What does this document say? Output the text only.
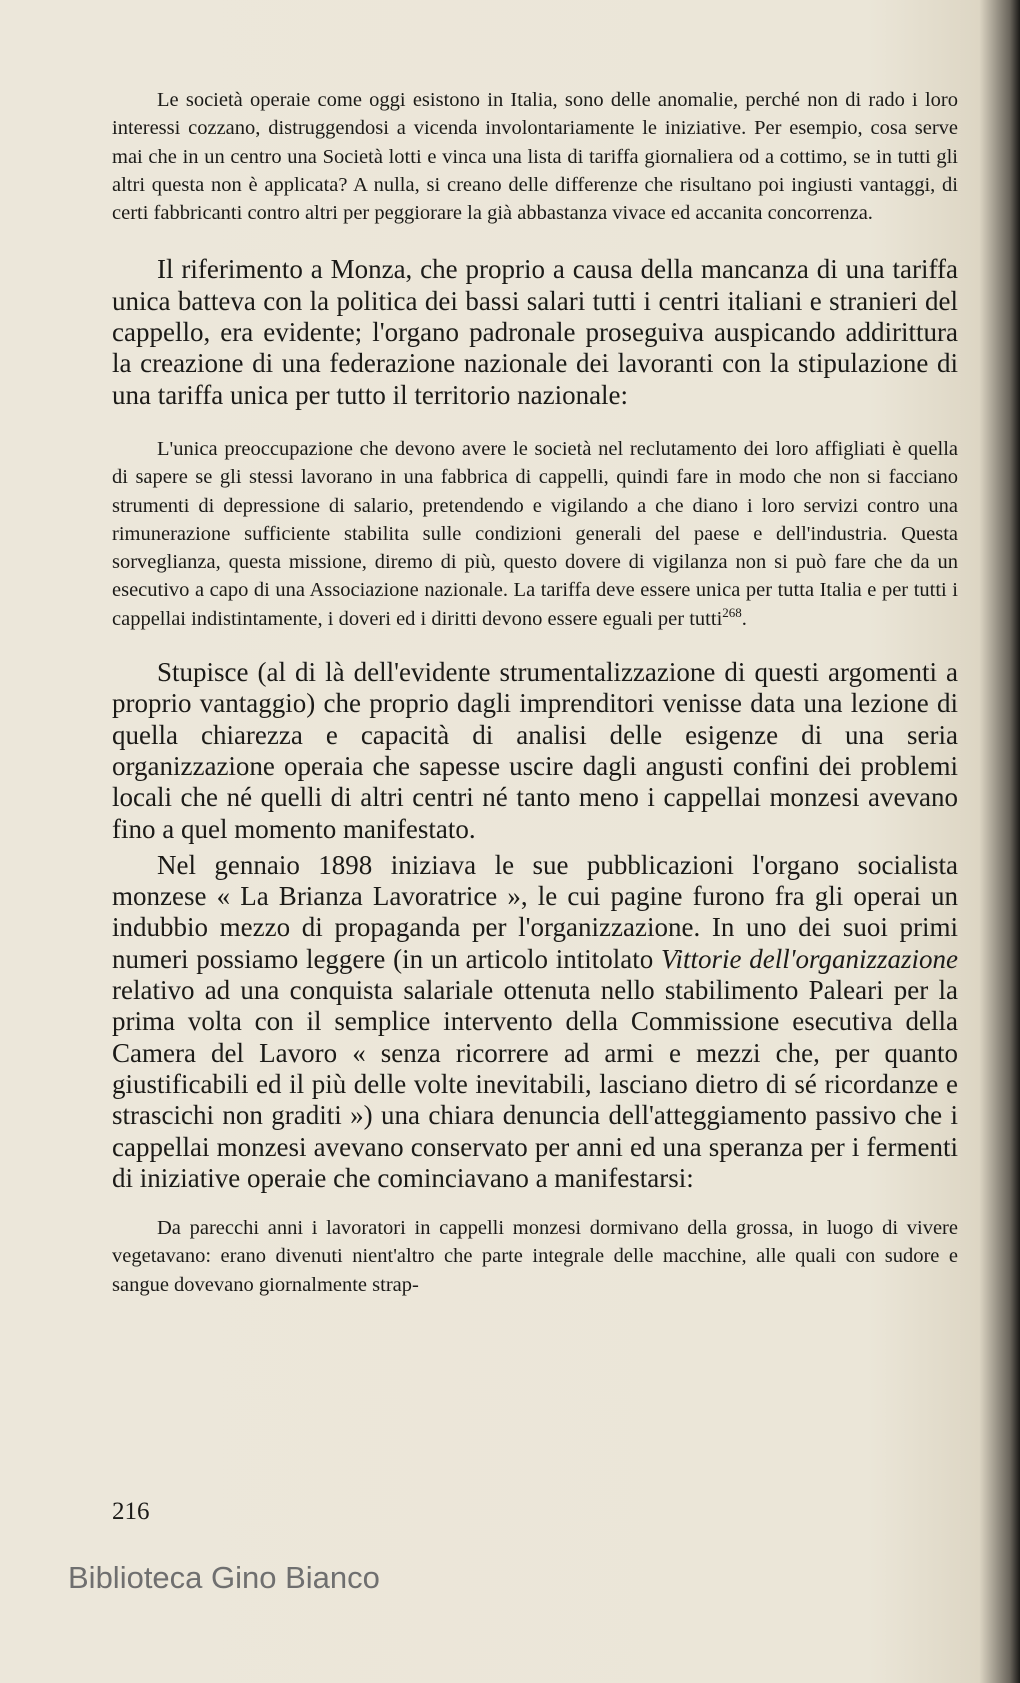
Le società operaie come oggi esistono in Italia, sono delle anomalie, perché non di rado i loro interessi cozzano, distruggendosi a vicenda involontariamente le iniziative. Per esempio, cosa serve mai che in un centro una Società lotti e vinca una lista di tariffa giornaliera od a cottimo, se in tutti gli altri questa non è applicata? A nulla, si creano delle differenze che risultano poi ingiusti vantaggi, di certi fabbricanti contro altri per peggiorare la già abbastanza vivace ed accanita concorrenza.

Il riferimento a Monza, che proprio a causa della mancanza di una tariffa unica batteva con la politica dei bassi salari tutti i centri italiani e stranieri del cappello, era evidente; l'organo padronale proseguiva auspicando addirittura la creazione di una federazione nazionale dei lavoranti con la stipulazione di una tariffa unica per tutto il territorio nazionale:

L'unica preoccupazione che devono avere le società nel reclutamento dei loro affigliati è quella di sapere se gli stessi lavorano in una fabbrica di cappelli, quindi fare in modo che non si facciano strumenti di depressione di salario, pretendendo e vigilando a che diano i loro servizi contro una rimunerazione sufficiente stabilita sulle condizioni generali del paese e dell'industria. Questa sorveglianza, questa missione, diremo di più, questo dovere di vigilanza non si può fare che da un esecutivo a capo di una Associazione nazionale. La tariffa deve essere unica per tutta Italia e per tutti i cappellai indistintamente, i doveri ed i diritti devono essere eguali per tutti$^{268}$.

Stupisce (al di là dell'evidente strumentalizzazione di questi argomenti a proprio vantaggio) che proprio dagli imprenditori venisse data una lezione di quella chiarezza e capacità di analisi delle esigenze di una seria organizzazione operaia che sapesse uscire dagli angusti confini dei problemi locali che né quelli di altri centri né tanto meno i cappellai monzesi avevano fino a quel momento manifestato.

Nel gennaio 1898 iniziava le sue pubblicazioni l'organo socialista monzese « La Brianza Lavoratrice », le cui pagine furono fra gli operai un indubbio mezzo di propaganda per l'organizzazione. In uno dei suoi primi numeri possiamo leggere (in un articolo intitolato Vittorie dell'organizzazione relativo ad una conquista salariale ottenuta nello stabilimento Paleari per la prima volta con il semplice intervento della Commissione esecutiva della Camera del Lavoro « senza ricorrere ad armi e mezzi che, per quanto giustificabili ed il più delle volte inevitabili, lasciano dietro di sé ricordanze e strascichi non graditi ») una chiara denuncia dell'atteggiamento passivo che i cappellai monzesi avevano conservato per anni ed una speranza per i fermenti di iniziative operaie che cominciavano a manifestarsi:

Da parecchi anni i lavoratori in cappelli monzesi dormivano della grossa, in luogo di vivere vegetavano: erano divenuti nient'altro che parte integrale delle macchine, alle quali con sudore e sangue dovevano giornalmente strap-

216
Biblioteca Gino Bianco
